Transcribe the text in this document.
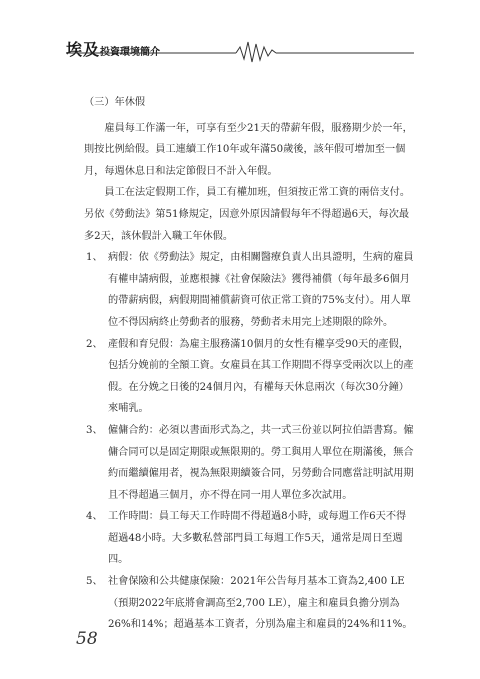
埃及投資環境簡介

（三）年休假

雇員每工作滿一年，可享有至少21天的帶薪年假，服務期少於一年，則按比例給假。員工連續工作10年或年滿50歲後，該年假可增加至一個月，每週休息日和法定節假日不計入年假。

員工在法定假期工作，員工有權加班，但須按正常工資的兩倍支付。另依《勞動法》第51條規定，因意外原因請假每年不得超過6天，每次最多2天，該休假計入職工年休假。

1、 病假：依《勞動法》規定，由相關醫療負責人出具證明，生病的雇員有權申請病假，並應根據《社會保險法》獲得補償（每年最多6個月的帶薪病假，病假期間補償薪資可依正常工資的75%支付）。用人單位不得因病終止勞動者的服務，勞動者未用完上述期限的除外。
2、 產假和育兒假：為雇主服務滿10個月的女性有權享受90天的產假，包括分娩前的全額工資。女雇員在其工作期間不得享受兩次以上的產假。在分娩之日後的24個月內，有權每天休息兩次（每次30分鐘）來哺乳。
3、 僱傭合約：必須以書面形式為之，共一式三份並以阿拉伯語書寫。僱傭合同可以是固定期限或無限期的。勞工與用人單位在期滿後，無合約而繼續僱用者，視為無限期續簽合同，另勞動合同應當註明試用期且不得超過三個月，亦不得在同一用人單位多次試用。
4、 工作時間：員工每天工作時間不得超過8小時，或每週工作6天不得超過48小時。大多數私營部門員工每週工作5天，通常是周日至週四。
5、 社會保險和公共健康保險：2021年公告每月基本工資為2,400 LE（預期2022年底將會調高至2,700 LE），雇主和雇員負擔分別為26%和14%；超過基本工資者，分別為雇主和雇員的24%和11%。
58
